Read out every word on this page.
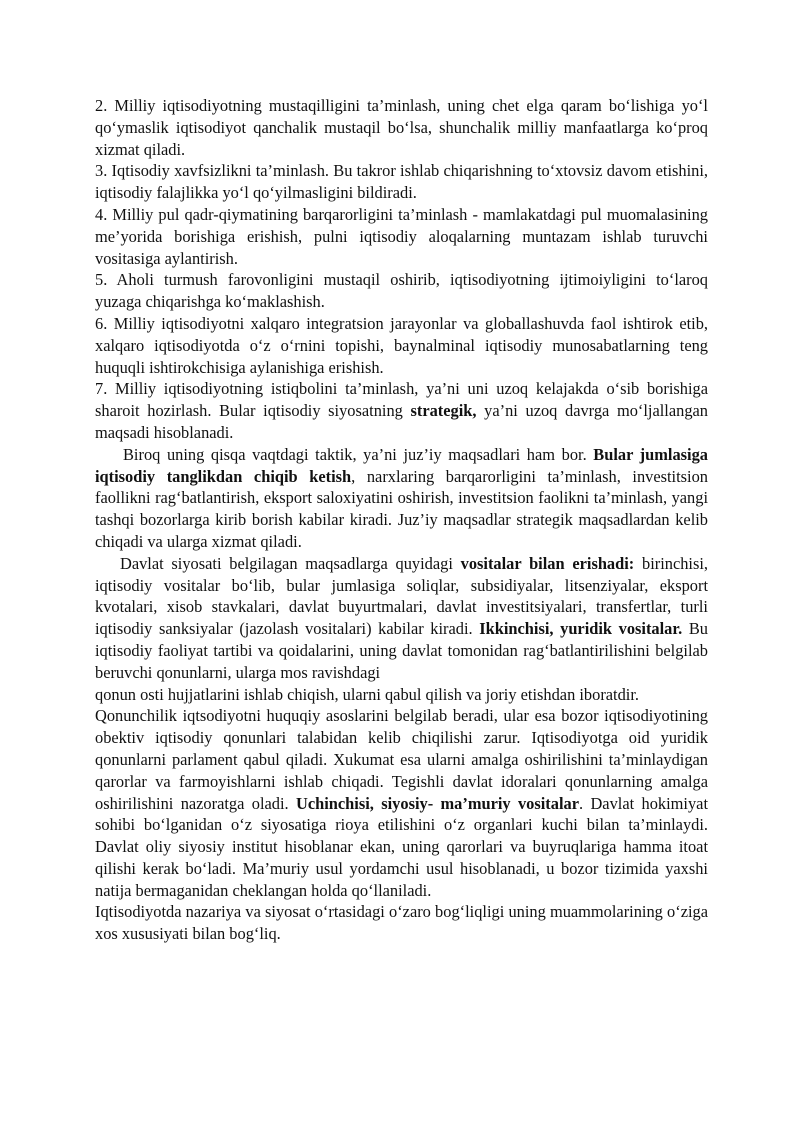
2. Milliy iqtisodiyotning mustaqilligini ta’minlash, uning chet elga qaram bo‘lishiga yo‘l qo‘ymaslik iqtisodiyot qanchalik mustaqil bo‘lsa, shunchalik milliy manfaatlarga ko‘proq xizmat qiladi.

3. Iqtisodiy xavfsizlikni ta’minlash. Bu takror ishlab chiqarishning to‘xtovsiz davom etishini, iqtisodiy falajlikka yo‘l qo‘yilmasligini bildiradi.

4. Milliy pul qadr-qiymatining barqarorligini ta’minlash - mamlakatdagi pul muomalasining me’yorida borishiga erishish, pulni iqtisodiy aloqalarning muntazam ishlab turuvchi vositasiga aylantirish.

5. Aholi turmush farovonligini mustaqil oshirib, iqtisodiyotning ijtimoiyligini to‘laroq yuzaga chiqarishga ko‘maklashish.

6. Milliy iqtisodiyotni xalqaro integratsion jarayonlar va globallashuvda faol ishtirok etib, xalqaro iqtisodiyotda o‘z o‘rnini topishi, baynalminal iqtisodiy munosabatlarning teng huquqli ishtirokchisiga aylanishiga erishish.

7. Milliy iqtisodiyotning istiqbolini ta’minlash, ya’ni uni uzoq kelajakda o‘sib borishiga sharoit hozirlash. Bular iqtisodiy siyosatning strategik, ya’ni uzoq davrga mo‘ljallangan maqsadi hisoblanadi.

Biroq uning qisqa vaqtdagi taktik, ya’ni juz’iy maqsadlari ham bor. Bular jumlasiga iqtisodiy tanglikdan chiqib ketish, narxlaring barqarorligini ta’minlash, investitsion faollikni rag‘batlantirish, eksport saloxiyatini oshirish, investitsion faolikni ta’minlash, yangi tashqi bozorlarga kirib borish kabilar kiradi. Juz’iy maqsadlar strategik maqsadlardan kelib chiqadi va ularga xizmat qiladi.

Davlat siyosati belgilagan maqsadlarga quyidagi vositalar bilan erishadi: birinchisi, iqtisodiy vositalar bo‘lib, bular jumlasiga soliqlar, subsidiyalar, litsenziyalar, eksport kvotalari, xisob stavkalari, davlat buyurtmalari, davlat investitsiyalari, transfertlar, turli iqtisodiy sanksiyalar (jazolash vositalari) kabilar kiradi. Ikkinchisi, yuridik vositalar. Bu iqtisodiy faoliyat tartibi va qoidalarini, uning davlat tomonidan rag‘batlantirilishini belgilab beruvchi qonunlarni, ularga mos ravishdagi

qonun osti hujjatlarini ishlab chiqish, ularni qabul qilish va joriy etishdan iboratdir.

Qonunchilik iqtsodiyotni huquqiy asoslarini belgilab beradi, ular esa bozor iqtisodiyotining obektiv iqtisodiy qonunlari talabidan kelib chiqilishi zarur. Iqtisodiyotga oid yuridik qonunlarni parlament qabul qiladi. Xukumat esa ularni amalga oshirilishini ta’minlaydigan qarorlar va farmoyishlarni ishlab chiqadi. Tegishli davlat idoralari qonunlarning amalga oshirilishini nazoratga oladi. Uchinchisi, siyosiy- ma’muriy vositalar. Davlat hokimiyat sohibi bo‘lganidan o‘z siyosatiga rioya etilishini o‘z organlari kuchi bilan ta’minlaydi. Davlat oliy siyosiy institut hisoblanar ekan, uning qarorlari va buyruqlariga hamma itoat qilishi kerak bo‘ladi. Ma’muriy usul yordamchi usul hisoblanadi, u bozor tizimida yaxshi natija bermaganidan cheklangan holda qo‘llaniladi.

Iqtisodiyotda nazariya va siyosat o‘rtasidagi o‘zaro bog‘liqligi uning muammolarining o‘ziga xos xususiyati bilan bog‘liq.
